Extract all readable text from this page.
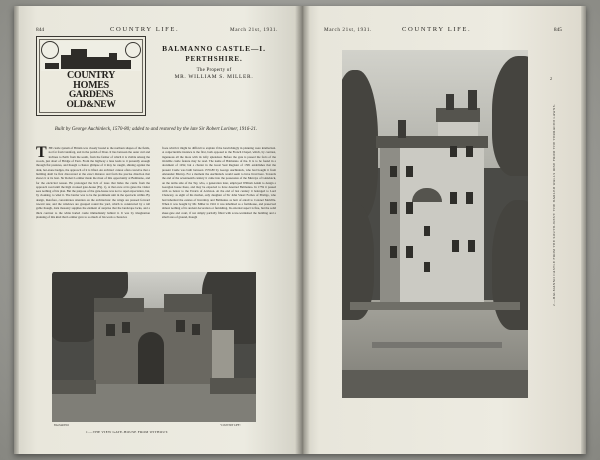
844	COUNTRY LIFE.	March 21st, 1931.
COUNTRY
HOMES
GARDENS
OLD&NEW
BALMANNO CASTLE—I.
PERTHSHIRE.
The Property of
MR. WILLIAM S. MILLER.
Built by George Auchinleck, 1570-80; added to and restored by the late Sir Robert Lorimer, 1916-21.
THE castle system of Britain was closely bound to the northern shapes of the fields, not far from Glenfarg, and in the parish of Dron. It lies between the outer curl and inclines to Perth from the south, from the farmer of which it is visible among the woods, just short of Bridge of Earn. From the highway a lane leads to it presently enough through flat pastures, and though a chance glimpse of it may be caught, shining against the dark, hot-stone hedges, the approach of it is lifted. An architect cannot often conceive that a building shall be first discovered at the exact distance and from the precise direction that shows it at its best. Sir Robert Lorimer made the most of this opportunity at Balmanno, and for the encircled reason. He prolonged the lich of trees that hides the castle from the approach road until the high crooked gate-house (Fig. 1), at that once at its gates the visitor sees nothing of his plan. But the purpose of the gate-house was not to repel expectation, but, by cloaking, to whet it. The barrier was to be the prominent unit in the spectacle within. By design, therefore, concentrates attention on the architecture: the wings are pressed forward toward rear, and the windows are grouped round the yard, which is constructed by a tall gable though, dark masonry supplies the element of surprise that the landscape lacks, and a thick contrast to the white harled castle immediately behind it. It was by imagination planning of this kind that Lorimer gave to so much of his work a character.
froze which it might be difficult to explain if the bewitchingly in planning were intellectual. A conjecturable instance is the first, both opposed to the French Chapel, which, by contrast, ingenuous all the more with its lofty splendour. Before the gate is passed the facts of the invisible castle feature may be read. The name of Balmanno of the. It is to be found in a document of 1292, but a charter in the Great Seal Register of 1581 establishes that the present Castle was built between 1570-80 by George Auchinleck, who had bought it from Alexander Murray. For a moment the Auchinleck would seem to have lived here. Towards the end of the seventeenth century it came into the possession of the Murrays of Glendoick, on the terms side of the Tay, who, a generation later, employed William Adam to design a Georgian house there, and may be expected to have deserted Balmanno. In 1759 it passed with so below to the Ewarts of Arviston. At the end of last century it belonged to Lord Chancery, as eight of his mother, only daughter of Sir John Stuart Forbes of Pitsligo, who had inherited the estates of Invermay and Balmanno as heir of entail to Colonel Melville. When it was bought by Mr. Miller in 1916 it was inhabited as a farmhouse, and preserved almost nothing of its ancient decoration or furnishing. Its external aspect is fine, but the solid sheer-gate and court, if not simply partially filled with scare-warnished the building and a small area of ground, though
BALMANNO	"COUNTRY LIFE".
1.—THE VIEW GATE-HOUSE FROM WITHOUT.
March 21st, 1931.	COUNTRY LIFE.	845
2
2.—BALMANNO CASTLE FROM THE SOUTH-WEST: THE HARLED WALLS RISE FROM THE TERRACED LAWNS.
